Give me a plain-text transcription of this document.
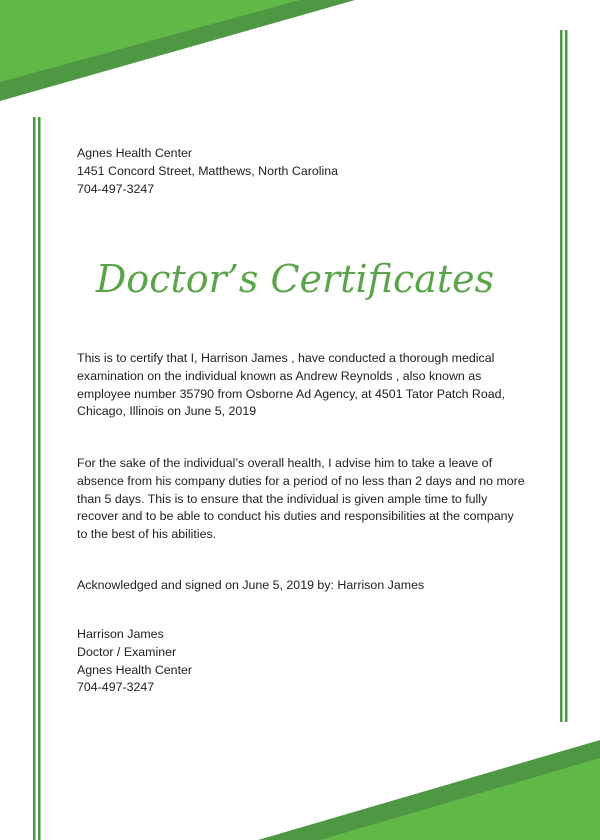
Agnes Health Center
1451 Concord Street, Matthews, North Carolina
704-497-3247
Doctor’s Certificates
This is to certify that I, Harrison James , have conducted a thorough medical
examination on the individual known as Andrew Reynolds , also known as
employee number 35790 from Osborne Ad Agency, at 4501 Tator Patch Road,
Chicago, Illinois on June 5, 2019
For the sake of the individual’s overall health, I advise him to take a leave of
absence from his company duties for a period of no less than 2 days and no more
than 5 days. This is to ensure that the individual is given ample time to fully
recover and to be able to conduct his duties and responsibilities at the company
to the best of his abilities.
Acknowledged and signed on June 5, 2019 by: Harrison James
Harrison James
Doctor / Examiner
Agnes Health Center
704-497-3247
